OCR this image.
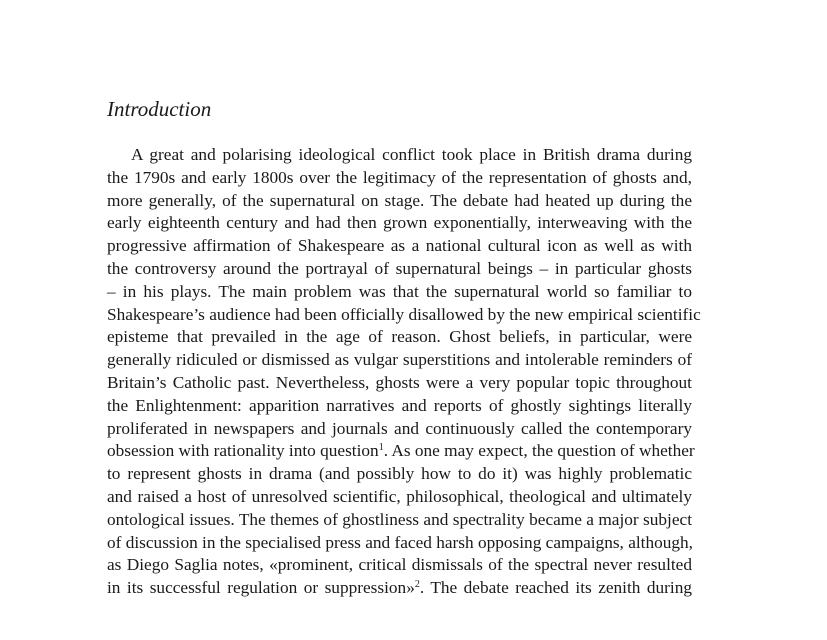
Introduction
A great and polarising ideological conflict took place in British drama during
the 1790s and early 1800s over the legitimacy of the representation of ghosts and,
more generally, of the supernatural on stage. The debate had heated up during the
early eighteenth century and had then grown exponentially, interweaving with the
progressive affirmation of Shakespeare as a national cultural icon as well as with
the controversy around the portrayal of supernatural beings – in particular ghosts
– in his plays. The main problem was that the supernatural world so familiar to
Shakespeare’s audience had been officially disallowed by the new empirical scientific
episteme that prevailed in the age of reason. Ghost beliefs, in particular, were
generally ridiculed or dismissed as vulgar superstitions and intolerable reminders of
Britain’s Catholic past. Nevertheless, ghosts were a very popular topic throughout
the Enlightenment: apparition narratives and reports of ghostly sightings literally
proliferated in newspapers and journals and continuously called the contemporary
obsession with rationality into question$^1$. As one may expect, the question of whether
to represent ghosts in drama (and possibly how to do it) was highly problematic
and raised a host of unresolved scientific, philosophical, theological and ultimately
ontological issues. The themes of ghostliness and spectrality became a major subject
of discussion in the specialised press and faced harsh opposing campaigns, although,
as Diego Saglia notes, «prominent, critical dismissals of the spectral never resulted
in its successful regulation or suppression»$^2$. The debate reached its zenith during
